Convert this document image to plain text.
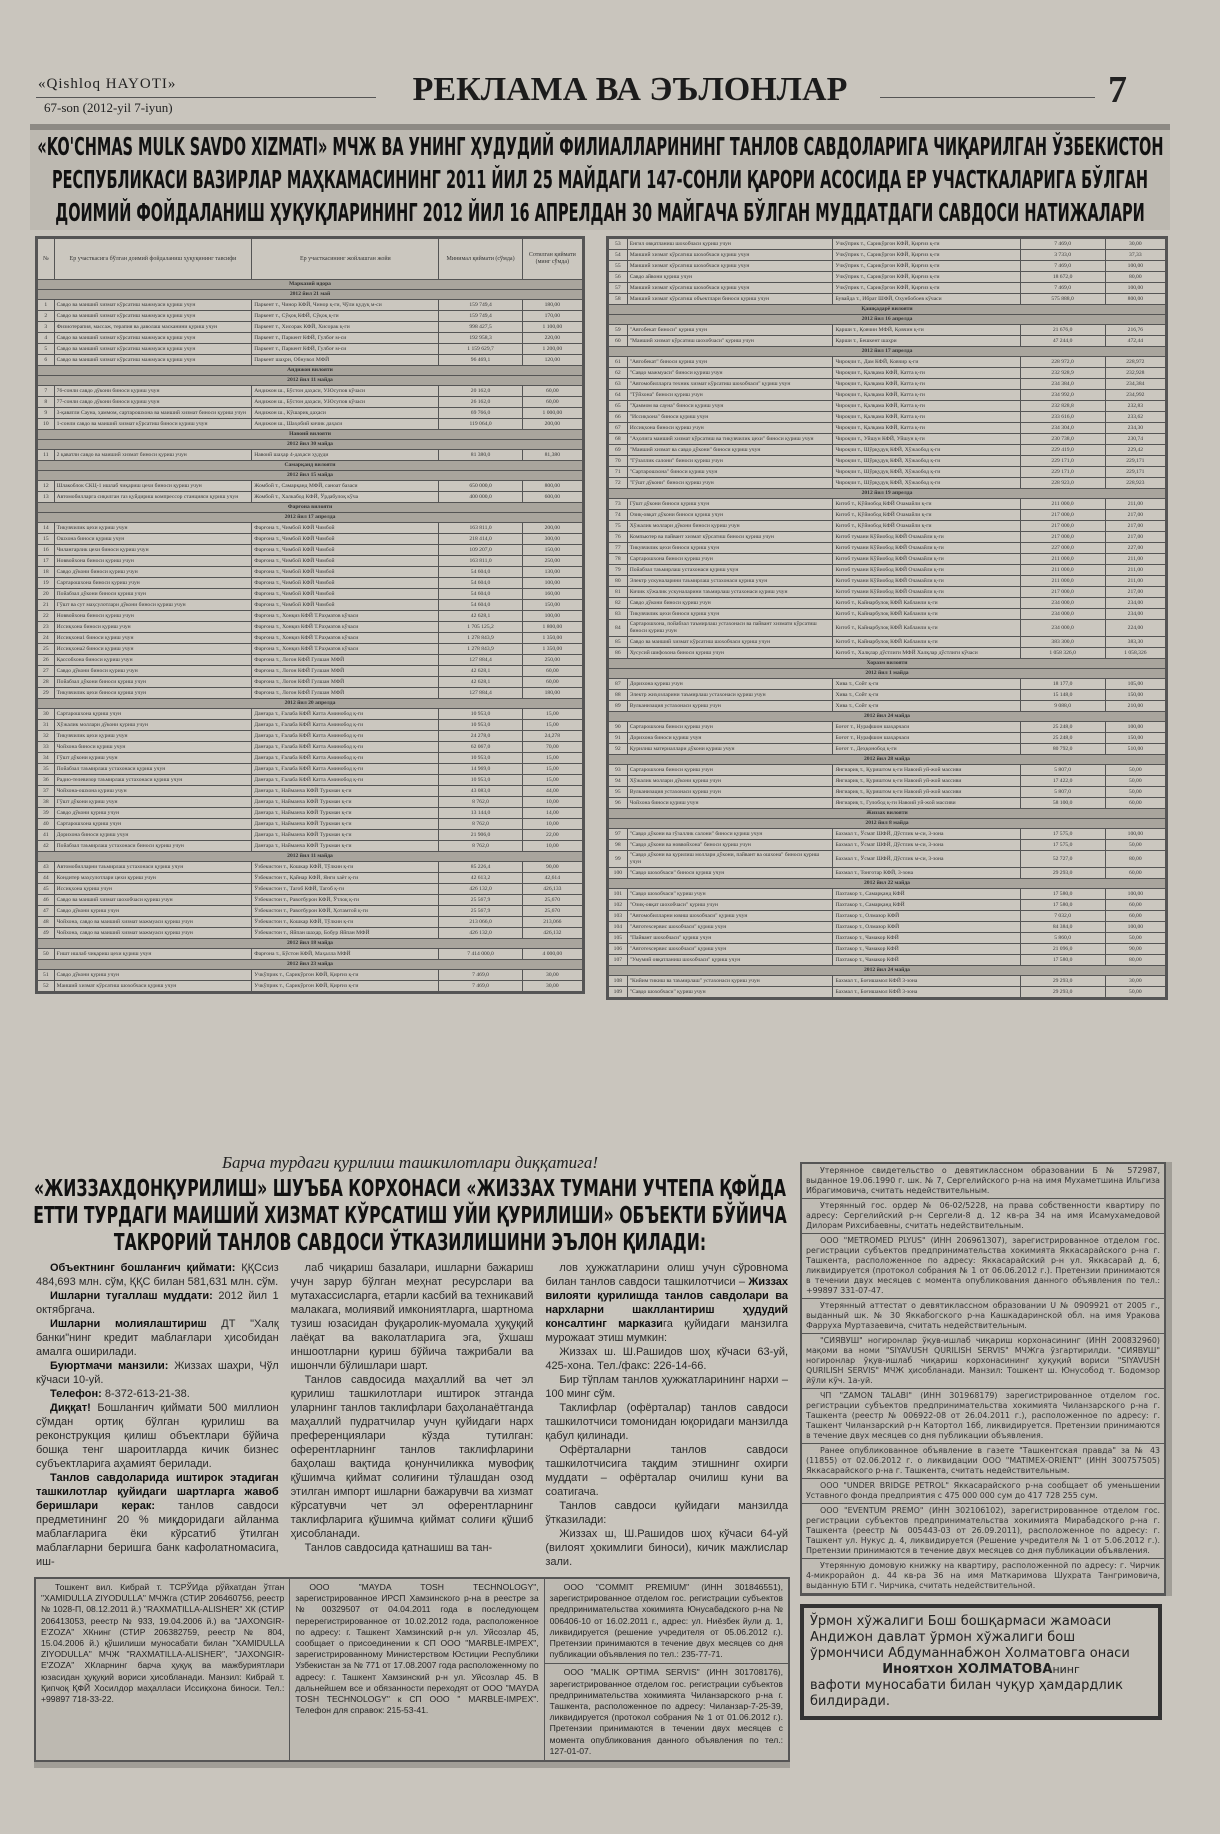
«Qishloq HAYOTI»
67-son (2012-yil 7-iyun)	РЕКЛАМА ВА ЭЪЛОНЛАР	7
«KO'CHMAS MULK SAVDO XIZMATI» МЧЖ ВА УНИНГ ҲУДУДИЙ ФИЛИАЛЛАРИНИНГ ТАНЛОВ САВДОЛАРИГА ЧИҚАРИЛГАН ЎЗБЕКИСТОН
РЕСПУБЛИКАСИ ВАЗИРЛАР МАҲКАМАСИНИНГ 2011 ЙИЛ 25 МАЙДАГИ 147-СОНЛИ ҚАРОРИ АСОСИДА ЕР УЧАСТКАЛАРИГА БЎЛГАН
ДОИМИЙ ФОЙДАЛАНИШ ҲУҚУҚЛАРИНИНГ 2012 ЙИЛ 16 АПРЕЛДАН 30 МАЙГАЧА БЎЛГАН МУДДАТДАГИ САВДОСИ НАТИЖАЛАРИ
№	Ер участкасига бўлган доимий фойдаланиш ҳуқуқининг тавсифи	Ер участкасининг жойлашган жойи	Минимал қиймати (сўмда)	Сотилган қиймати (минг сўмда)
Марказий идора				
2012 йил 21 май				
1	Савдо ва маиший хизмат кўрсатиш мажмуаси қуриш учун	Паркент т., Чинор КФЙ, Чинор қ-ги, Чўли қудуқ м-си	159 749,4	180,00
2	Савдо ва маиший хизмат кўрсатиш мажмуаси қуриш учун	Паркент т., Сўқоқ КФЙ, Сўқоқ қ-ги	159 749,4	170,00
3	Физиотерапия, массаж, терапия ва даволаш масканини қуриш учун	Паркент т., Хисорак КФЙ, Хисорак қ-ги	998 427,5	1 100,00
4	Савдо ва маиший хизмат кўрсатиш мажмуаси қуриш учун	Паркент т., Паркент КФЙ, Гулбоғ м-си	192 958,3	220,00
5	Савдо ва маиший хизмат кўрсатиш мажмуаси қуриш учун	Паркент т., Паркент КФЙ, Гулбоғ м-си	1 159 629,7	1 200,00
6	Савдо ва маиший хизмат кўрсатиш мажмуаси қуриш учун	Паркент шаҳри, Обнувол МФЙ	96 469,1	120,00
Андижон вилояти				
2012 йил 11 майда				
7	76-сонли савдо дўкони биноси қуриш учун	Андижон ш., Бўстон даҳаси, У.Юсупов кўчаси	20 162,0	60,00
8	77-сонли савдо дўкони биноси қуриш учун	Андижон ш., Бўстон даҳаси, У.Юсупов кўчаси	26 162,0	60,00
9	3-қаватли Сауна, ҳаммом, сартарошхона ва маиший хизмат биноси қуриш учун	Андижон ш., Кўшариқ даҳаси	69 766,0	1 000,00
10	1-сонли савдо ва маиший хизмат кўрсатиш биноси қуриш учун	Андижон ш., Шаҳобий кичик даҳаси	119 064,0	200,00
Навоий вилояти				
2012 йил 30 майда				
11	2 қаватли савдо ва маиший хизмат биноси қуриш учун	Навоий шаҳар 4-даҳаси ҳудуди	81 380,0	81,380
Самарқанд вилояти				
2012 йил 15 майда				
12	Шлакоблок СКЦ-1 ишлаб чиқариш цехи биноси қуриш учун	Жомбой т., Самарқанд МФЙ, саноат базаси	650 000,0	800,00
13	Автомобилларга сиқилган газ қуйдириш компрессор станцияси қуриш учун	Жомбой т., Халкабод КФЙ, Ўрдабулоқ кўча	400 000,0	600,00
Фарғона вилояти				
2012 йил 17 апрелда				
14	Тикувчилик цехи қуриш учун	Фарғона т., Чимбой КФЙ Чимбой	163 811,0	200,00
15	Ошхона биноси қуриш учун	Фарғона т., Чимбой КФЙ Чимбой	218 414,0	300,00
16	Чилангарлик цехи биноси қуриш учун	Фарғона т., Чимбой КФЙ Чимбой	109 207,0	150,00
17	Новвойхона биноси қуриш учун	Фарғона т., Чимбой КФЙ Чимбой	163 811,0	250,00
18	Савдо дўкони биноси қуриш учун	Фарғона т., Чимбой КФЙ Чимбой	54 604,0	130,00
19	Сартарошхона биноси қуриш учун	Фарғона т., Чимбой КФЙ Чимбой	54 604,0	100,00
20	Пойабзал дўкони биноси қуриш учун	Фарғона т., Чимбой КФЙ Чимбой	54 604,0	160,00
21	Гўшт ва сут маҳсулотлари дўкони биноси қуриш учун	Фарғона т., Чимбой КФЙ Чимбой	54 604,0	150,00
22	Новвойхона биноси қуриш учун	Фарғона т., Хонқиз КФЙ Т.Раҳматов кўчаси	42 628,1	100,00
23	Иссиқхона биноси қуриш учун	Фарғона т., Хонқиз КФЙ Т.Раҳматов кўчаси	1 705 125,2	1 800,00
24	Иссиқхона1 биноси қуриш учун	Фарғона т., Хонқиз КФЙ Т.Раҳматов кўчаси	1 278 843,9	1 350,00
25	Иссиқхона2 биноси қуриш учун	Фарғона т., Хонқиз КФЙ Т.Раҳматов кўчаси	1 278 843,9	1 350,00
26	Қассобхона биноси қуриш учун	Фарғона т., Логон КФЙ Гулшан МФЙ	127 884,4	250,00
27	Савдо дўкони биноси қуриш учун	Фарғона т., Логон КФЙ Гулшан МФЙ	42 628,1	60,00
28	Пойабзал дўкони биноси қуриш учун	Фарғона т., Логон КФЙ Гулшан МФЙ	42 628,1	60,00
29	Тикувчилик цехи биноси қуриш учун	Фарғона т., Логон КФЙ Гулшан МФЙ	127 884,4	180,00
2012 йил 20 апрелда				
30	Сартарошхона қуриш учун	Данғара т., Ғалаба КФЙ Катта Аминобод қ-ги	10 953,0	15,00
31	Хўжалик моллари дўкони қуриш учун	Данғара т., Ғалаба КФЙ Катта Аминобод қ-ги	10 953,0	15,00
32	Тикувчилик цехи қуриш учун	Данғара т., Ғалаба КФЙ Катта Аминобод қ-ги	24 278,0	24,278
33	Чойхона биноси қуриш учун	Данғара т., Ғалаба КФЙ Катта Аминобод қ-ги	62 067,0	70,00
34	Гўшт дўкони қуриш учун	Данғара т., Ғалаба КФЙ Катта Аминобод қ-ги	10 953,0	15,00
35	Пойабзал таъмирлаш устахонаси қуриш учун	Данғара т., Ғалаба КФЙ Катта Аминобод қ-ги	14 969,0	15,00
36	Радио-телевизор таъмирлаш устахонаси қуриш учун	Данғара т., Ғалаба КФЙ Катта Аминобод қ-ги	10 953,0	15,00
37	Чойхона-ошхона қуриш учун	Данғара т., Найманча КФЙ Туркман қ-ги	43 083,0	44,00
38	Гўшт дўкони қуриш учун	Данғара т., Найманча КФЙ Туркман қ-ги	8 762,0	10,00
39	Савдо дўкони қуриш учун	Данғара т., Найманча КФЙ Туркман қ-ги	13 144,0	14,00
40	Сартарошхона қуриш учун	Данғара т., Найманча КФЙ Туркман қ-ги	8 762,0	10,00
41	Дорихона биноси қуриш учун	Данғара т., Найманча КФЙ Туркман қ-ги	21 906,0	22,00
42	Пойабзал таъмирлаш устахонаси биноси қуриш учун	Данғара т., Найманча КФЙ Туркман қ-ги	8 762,0	10,00
2012 йил 11 майда				
43	Автомобилларни таъмирлаш устахонаси қуриш учун	Ўзбекистон т., Кошкар КФЙ, Тўлкин қ-ги	85 226,4	90,00
44	Кондитер маҳсулотлари цехи қуриш учун	Ўзбекистон т., Қайнар КФЙ, Янги хаёт қ-ги	42 613,2	42,614
45	Иссиқхона қуриш учун	Ўзбекистон т., Тагоб КФЙ, Тагоб қ-ги	426 132,0	426,133
46	Савдо ва маиший хизмат шохобчаси қуриш учун	Ўзбекистон т., Равотбурон КФЙ, Ўтлоқ қ-ги	25 567,9	25,670
47	Савдо дўкони қуриш учун	Ўзбекистон т., Равотбурон КФЙ, Ҳотамтой қ-ги	25 567,9	25,670
48	Чойхона, савдо ва маиший хизмат мажмуаси қуриш учун	Ўзбекистон т., Кошкар КФЙ, Тўлкин қ-ги	213 066,0	213,066
49	Чойхона, савдо ва маиший хизмат мажмуаси қуриш учун	Ўзбекистон т., Яйпан шаҳар, Бобур Яйпан МФЙ	426 132,0	426,132
2012 йил 18 майда				
50	Ғишт ишлаб чиқариш цехи қуриш учун	Фарғона т., Бўстон КФЙ, Маҳалла МФЙ	7 414 000,0	4 000,00
2012 йил 23 майда				
51	Савдо дўкони қуриш учун	Учкўприк т., Сарикўргон КФЙ, Қирғиз қ-ги	7 469,0	30,00
52	Маиший хизмат кўрсатиш шохобчаси қуриш учун	Учкўприк т., Сарикўргон КФЙ, Қирғиз қ-ги	7 469,0	30,00
53	Енгил овқатланиш шохобчаси қуриш учун	Учкўприк т., Сарикўргон КФЙ, Қирғиз қ-ги	7 469,0	30,00
54	Маиший хизмат кўрсатиш шохобчаси қуриш учун	Учкўприк т., Сарикўргон КФЙ, Қирғиз қ-ги	3 733,0	37,33
55	Маиший хизмат кўрсатиш шохобчаси қуриш учун	Учкўприк т., Сарикўргон КФЙ, Қирғиз қ-ги	7 469,0	100,00
56	Савдо айвони қуриш учун	Учкўприк т., Сарикўргон КФЙ, Қирғиз қ-ги	18 672,0	80,00
57	Маиший хизмат кўрсатиш шохобчаси қуриш учун	Учкўприк т., Сарикўргон КФЙ, Қирғиз қ-ги	7 469,0	100,00
58	Маиший хизмат кўрсатиш объектлари биноси қуриш учун	Бувайда т., Ибрат ШФЙ, Охунбобоев кўчаси	575 888,0	800,00
Қашқадарё вилояти				
2012 йил 16 апрелда				
59	"Автобекат биноси" қуриш учун	Қарши т., Қовчин МФЙ, Қовчин қ-ги	21 676,0	216,76
60	"Маиший хизмат кўрсатиш шохобчаси" қуриш учун	Қарши т., Бешкент шаҳри	47 244,0	472,44
2012 йил 17 апрелда				
61	"Автобекат" биноси қуриш учун	Чироқчи т., Дам КФЙ, Ковчир қ-ги	228 972,0	228,972
62	"Савдо мажмуаси" биноси қуриш учун	Чироқчи т., Қалқама КФЙ, Катта қ-ги	232 928,9	232,928
63	"Автомобилларга техник хизмат кўрсатиш шохобчаси" қуриш учун	Чироқчи т., Қалқама КФЙ, Катта қ-ги	234 384,0	234,384
64	"Тўйхона" биноси қуриш учун	Чироқчи т., Қалқама КФЙ, Катта қ-ги	234 992,0	234,992
65	"Ҳаммом ва сауна" биноси қуриш учун	Чироқчи т., Қалқама КФЙ, Катта қ-ги	232 828,8	232,83
66	"Иссиқхона" биноси қуриш учун	Чироқчи т., Қалқама КФЙ, Катта қ-ги	233 616,0	233,62
67	Иссиқхона биноси қуриш учун	Чироқчи т., Қалқама КФЙ, Катта қ-ги	234 304,0	234,30
68	"Аҳолига маиший хизмат кўрсатиш ва тикувчилик цехи" биноси қуриш учун	Чироқчи т., Уйшун КФЙ, Уйшун қ-ги	230 738,0	230,74
69	"Маиший хизмат ва савдо дўкони" биноси қуриш учун	Чироқчи т., Шўрқудуқ КФЙ, Хўжаобод қ-ги	229 419,0	229,42
70	"Гўзаллик салони" биноси қуриш учун	Чироқчи т., Шўрқудуқ КФЙ, Хўжаобод қ-ги	229 171,0	229,171
71	"Сартарошхона" биноси қуриш учун	Чироқчи т., Шўрқудуқ КФЙ, Хўжаобод қ-ги	229 171,0	229,171
72	"Гўшт дўкони" биноси қуриш учун	Чироқчи т., Шўрқудуқ КФЙ, Хўжаобод қ-ги	228 923,0	228,923
2012 йил 19 апрелда				
73	Гўшт дўкони биноси қуриш учун	Китоб т., Кўйиобод КФЙ Очамайли қ-ги	211 000,0	211,00
74	Озиқ-овқат дўкони биноси қуриш учун	Китоб т., Кўйиобод КФЙ Очамайли қ-ги	217 000,0	217,00
75	Хўжалик моллари дўкони биноси қуриш учун	Китоб т., Кўйиобод КФЙ Очамайли қ-ги	217 000,0	217,00
76	Компьютер ва пайвант хизмат кўрсатиш биноси қуриш учун	Китоб тумани Кўйиобод КФЙ Очамайли қ-ги	217 000,0	217,00
77	Тикувчилик цехи биноси қуриш учун	Китоб тумани Кўйиобод КФЙ Очамайли қ-ги	227 000,0	227,00
78	Сартарошхона биноси қуриш учун	Китоб тумани Кўйиобод КФЙ Очамайли қ-ги	211 000,0	211,00
79	Пойабзал таъмирлаш устахонаси қуриш учун	Китоб тумани Кўйиобод КФЙ Очамайли қ-ги	211 000,0	211,00
80	Электр ускуналарини таъмирлаш устахонаси қуриш учун	Китоб тумани Кўйиобод КФЙ Очамайли қ-ги	211 000,0	211,00
81	Кичик хўжалик ускуналарини таъмирлаш устахонаси қуриш учун	Китоб тумани Кўйиобод КФЙ Очамайли қ-ги	217 000,0	217,00
82	Савдо дўкони биноси қуриш учун	Китоб т., Кайнарбулоқ КФЙ Кабланли қ-ги	234 000,0	234,00
83	Тикувчилик цехи биноси қуриш учун	Китоб т., Кайнарбулоқ КФЙ Кабланли қ-ги	234 000,0	234,00
84	Сартарошхона, пойабзал таъмирлаш устахонаси ва пайвант хизмати кўрсатиш биноси қуриш учун	Китоб т., Кайнарбулоқ КФЙ Кабланли қ-ги	234 000,0	224,00
85	Савдо ва маиший хизмат кўрсатиш шохобчаси қуриш учун	Китоб т., Кайнарбулоқ КФЙ Кабланли қ-ги	383 300,0	383,30
86	Хусусий шифохона биноси қуриш учун	Китоб т., Халқлар дўстлиги МФЙ Халқлар дўстлиги кўчаси	1 058 326,0	1 058,326
Хоразм вилояти				
2012 йил 1 майда				
87	Дорихона қуриш учун	Хива т., Сойт қ-ги	18 177,0	105,00
88	Электр жиҳозларини таъмирлаш устахонаси қуриш учун	Хива т., Сойт қ-ги	15 148,0	150,00
89	Вулканизация устахонаси қуриш учун	Хива т., Сойт қ-ги	9 088,0	210,00
2012 йил 24 майда				
90	Сартарошхона биноси қуриш учун	Боғот т., Нурафшон шаҳарчаси	25 248,0	100,00
91	Дорихона биноси қуриш учун	Боғот т., Нурафшон шаҳарчаси	25 248,0	150,00
92	Қурилиш материаллари дўкони қуриш учун	Боғот т., Деҳқонобод қ-ги	80 792,0	510,00
2012 йил 28 майда				
93	Сартарошхона биноси қуриш учун	Янгиариқ т., Қуриштом қ-ги Навоий уй-жой массиви	5 807,0	50,00
94	Хўжалик моллари дўкони қуриш учун	Янгиариқ т., Қуриштом қ-ги Навоий уй-жой массиви	17 422,0	50,00
95	Вулканизация устахонаси қуриш учун	Янгиариқ т., Қуриштом қ-ги Навоий уй-жой массиви	5 807,0	50,00
96	Чойхона биноси қуриш учун	Янгиариқ т., Гулобод қ-ги Навоий уй-жой массиви	58 100,0	60,00
Жиззах вилояти				
2012 йил 8 майда				
97	"Савдо дўкони ва гўзаллик салони" биноси қуриш учун	Бахмал т., Ўсмат ШФЙ, Дўстлик м-си, 3-зона	17 575,0	100,00
98	"Савдо дўкони ва новвойхона" биноси қуриш учун	Бахмал т., Ўсмат ШФЙ, Дўстлик м-си, 3-зона	17 575,0	50,00
99	"Савдо дўкони ва қурилиш моллари дўкони, пайвант ва ошхона" биноси қуриш учун	Бахмал т., Ўсмат ШФЙ, Дўстлик м-си, 3-зона	52 727,0	80,00
100	"Савдо шохобчаси" биноси қуриш учун	Бахмал т., Тонготар КФЙ, 3-зона	29 293,0	60,00
2012 йил 22 майда				
101	"Савдо шохобчаси" қуриш учун	Пахтакор т., Самарқанд КФЙ	17 580,0	100,00
102	"Озиқ-овқат шохобчаси" қуриш учун	Пахтакор т., Самарқанд КФЙ	17 580,0	60,00
103	"Автомобилларни ювиш шохобчаси" қуриш учун	Пахтакор т., Олмазор КФЙ	7 032,0	60,00
104	"Автотехсервис шохобчаси" қуриш учун	Пахтакор т., Олмазор КФЙ	84 384,0	100,00
105	"Пайвант шохобчаси" қуриш учун	Пахтакор т., Чамакор КФЙ	5 860,0	50,00
106	"Автотехсервис шохобчаси" қуриш учун	Пахтакор т., Чамакор КФЙ	21 096,0	90,00
107	"Умумий овқатланиш шохобчаси" қуриш учун	Пахтакор т., Чамакор КФЙ	17 580,0	80,00
2012 йил 24 майда				
108	"Кийим тикиш ва таъмирлаш" устахонаси қуриш учун	Бахмал т., Боғишамол КФЙ 3-зона	29 293,0	30,00
109	"Савдо шохобчаси" қуриш учун	Бахмал т., Боғишамол КФЙ 3-зона	29 293,0	50,00
Барча турдаги қурилиш ташкилотлари диққатига!
«ЖИЗЗАХДОНҚУРИЛИШ» ШУЪБА КОРХОНАСИ «ЖИЗЗАХ ТУМАНИ УЧТЕПА ҚФЙДА
ЕТТИ ТУРДАГИ МАИШИЙ ХИЗМАТ КЎРСАТИШ УЙИ ҚУРИЛИШИ» ОБЪЕКТИ БЎЙИЧА
ТАКРОРИЙ ТАНЛОВ САВДОСИ ЎТКАЗИЛИШИНИ ЭЪЛОН ҚИЛАДИ:

Объектнинг бошланғич қиймати: ҚҚСсиз 484,693 млн. сўм, ҚҚС билан 581,631 млн. сўм.

Ишларни тугаллаш муддати: 2012 йил 1 октябргача.

Ишларни молиялаштириш ДТ "Халқ банки"нинг кредит маблағлари ҳисобидан амалга оширилади.

Буюртмачи манзили: Жиззах шаҳри, Чўл кўчаси 10-уй.

Телефон: 8-372-613-21-38.

Диққат! Бошланғич қиймати 500 миллион сўмдан ортиқ бўлган қурилиш ва реконструкция қилиш объектлари бўйича бошқа тенг шароитларда кичик бизнес субъектларига аҳамият берилади.

Танлов савдоларида иштирок этадиган ташкилотлар қуйидаги шартларга жавоб беришлари керак: танлов савдоси предметининг 20 % миқдоридаги айланма маблағларига ёки кўрсатиб ўтилган маблағларни беришга банк кафолатномасига, иш-

лаб чиқариш базалари, ишларни бажариш учун зарур бўлган меҳнат ресурслари ва мутахассисларга, етарли касбий ва техникавий малакага, молиявий имкониятларга, шартнома тузиш юзасидан фуқаролик-муомала ҳуқуқий лаёқат ва ваколатларига эга, ўхшаш иншоотларни қуриш бўйича тажрибали ва ишончли бўлишлари шарт.

Танлов савдосида маҳаллий ва чет эл қурилиш ташкилотлари иштирок этганда уларнинг танлов таклифлари баҳоланаётганда маҳаллий пудратчилар учун қуйидаги нарх преференциялари кўзда тутилган: оферентларнинг танлов таклифларини баҳолаш вақтида қонунчиликка мувофиқ қўшимча қиймат солиғини тўлашдан озод этилган импорт ишларни бажарувчи ва хизмат кўрсатувчи чет эл оферентларнинг таклифларига қўшимча қиймат солиғи қўшиб ҳисобланади.

Танлов савдосида қатнашиш ва тан-

лов ҳужжатларини олиш учун сўровнома билан танлов савдоси ташкилотчиси – Жиззах вилояти қурилишда танлов савдолари ва нархларни шакллантириш ҳудудий консалтинг марказига қуйидаги манзилга мурожаат этиш мумкин:

Жиззах ш. Ш.Рашидов шоҳ кўчаси 63-уй, 425-хона. Тел./факс: 226-14-66.

Бир тўплам танлов ҳужжатларининг нархи – 100 минг сўм.

Таклифлар (офёрталар) танлов савдоси ташкилотчиси томонидан юқоридаги манзилда қабул қилинади.

Офёрталарни танлов савдоси ташкилотчисига тақдим этишнинг охирги муддати – офёрталар очилиш куни ва соатигача.

Танлов савдоси қуйидаги манзилда ўтказилади:

Жиззах ш, Ш.Рашидов шоҳ кўчаси 64-уй (вилоят ҳокимлиги биноси), кичик мажлислар зали.

Тошкент вил. Кибрай т. ТСРЎИда рўйхатдан ўтган "XAMIDULLA ZIYODULLA" МЧЖга (СТИР 206460756, реестр № 1028-П, 08.12.2011 й.) "RAXMATILLA-ALISHER" ХК (СТИР 206413053, реестр № 933, 19.04.2006 й.) ва "JAXONGIR-E'ZOZA" ХКнинг (СТИР 206382759, реестр № 804, 15.04.2006 й.) қўшилиши муносабати билан "XAMIDULLA ZIYODULLA" МЧЖ "RAXMATILLA-ALISHER", "JAXONGIR-E'ZOZA" ХКларнинг барча ҳуқуқ ва мажбуриятлари юзасидан ҳуқуқий вориси ҳисобланади. Манзил: Кибрай т. Қипчоқ ҚФЙ Хосилдор маҳалласи Иссиқхона биноси. Тел.: +99897 718-33-22.
ООО "MAYDA TOSH TECHNOLOGY", зарегистрированное ИРСП Хамзинского р-на в реестре за № 00329507 от 04.04.2011 года в последующем перерегистрированное от 10.02.2012 года, расположенное по адресу: г. Ташкент Хамзинский р-н ул. Уйсозлар 45, сообщает о присоединении к СП ООО "MARBLE-IMPEX", зарегистрированному Министерством Юстиции Республики Узбекистан за № 771 от 17.08.2007 года расположенному по адресу: г. Ташкент Хамзинский р-н ул. Уйсозлар 45. В дальнейшем все и обязанности переходят от ООО "MAYDA TOSH TECHNOLOGY" к СП ООО " MARBLE-IMPEX". Телефон для справок: 215-53-41.
ООО "COMMIT PREMIUM" (ИНН 301846551), зарегистрированное отделом гос. регистрации субъектов предпринимательства хокимията Юнусабадского р-на № 006406-10 от 16.02.2011 г., адрес: ул. Ниёзбек йули д. 1, ликвидируется (решение учредителя от 05.06.2012 г.). Претензии принимаются в течение двух месяцев со дня публикации объявления по тел.: 235-77-71.
ООО "MALIK OPTIMA SERVIS" (ИНН 301708176), зарегистрированное отделом гос. регистрации субъектов предпринимательства хокимията Чиланзарского р-на г. Ташкента, расположенное по адресу: Чиланзар-7-25-39, ликвидируется (протокол собрания № 1 от 01.06.2012 г.). Претензии принимаются в течении двух месяцев с момента опубликования данного объявления по тел.: 127-01-07.
Утерянное свидетельство о девятиклассном образовании Б № 572987, выданное 19.06.1990 г. шк. № 7, Сергелийского р-на на имя Мухаметшина Ильгиза Ибрагимовича, считать недействительным.
Утерянный гос. ордер № 06-02/5228, на права собственности квартиру по адресу: Сергелийский р-н Сергели-8 д. 12 кв-ра 34 на имя Исамухамедовой Дилорам Рихсибаевны, считать недействительным.
ООО "METROMED PLYUS" (ИНН 206961307), зарегистрированное отделом гос. регистрации субъектов предпринимательства хокимията Яккасарайского р-на г. Ташкента, расположенное по адресу: Яккасарайский р-н ул. Яккасарай д. 6, ликвидируется (протокол собрания № 1 от 06.06.2012 г.). Претензии принимаются в течении двух месяцев с момента опубликования данного объявления по тел.: +99897 331-07-47.
Утерянный аттестат о девятиклассном образовании U № 0909921 от 2005 г., выданный шк. № 30 Яккабогского р-на Кашкадаринской обл. на имя Уракова Фарруха Муртазаевича, считать недействительным.
"СИЯВУШ" ногиронлар ўқув-ишлаб чиқариш корхонасининг (ИНН 200832960) мақоми ва номи "SIYAVUSH QURILISH SERVIS" МЧЖга ўзгартирилди. "СИЯВУШ" ногиронлар ўқув-ишлаб чиқариш корхонасининг ҳуқуқий вориси "SIYAVUSH QURILISH SERVIS" МЧЖ ҳисобланади. Манзил: Тошкент ш. Юнусобод т. Бодомзор йўли кўч. 1а-уй.
ЧП "ZAMON TALABI" (ИНН 301968179) зарегистрированное отделом гос. регистрации субъектов предпринимательства хокимията Чиланзарского р-на г. Ташкента (реестр № 006922-08 от 26.04.2011 г.), расположенное по адресу: г. Ташкент Чиланзарский р-н Катортол 16б, ликвидируется. Претензии принимаются в течение двух месяцев со дня публикации объявления.
Ранее опубликованное объявление в газете "Ташкентская правда" за № 43 (11855) от 02.06.2012 г. о ликвидации ООО "MATIMEX-ORIENT" (ИНН 300757505) Яккасарайского р-на г. Ташкента, считать недействительным.
ООО "UNDER BRIDGE PETROL" Яккасарайского р-на сообщает об уменьшении Уставного фонда предприятия с 475 000 000 сум до 417 728 255 сум.
ООО "EVENTUM PREMO" (ИНН 302106102), зарегистрированное отделом гос. регистрации субъектов предпринимательства хокимията Мирабадского р-на г. Ташкента (реестр № 005443-03 от 26.09.2011), расположенное по адресу: г. Ташкент ул. Нукус д. 4, ликвидируется (Решение учредителя № 1 от 5.06.2012 г.). Претензии принимаются в течение двух месяцев со дня публикации объявления.
Утерянную домовую книжку на квартиру, расположенной по адресу: г. Чирчик 4-микрорайон д. 44 кв-ра 36 на имя Маткаримова Шухрата Тангримовича, выданную БТИ г. Чирчика, считать недействительной.
Ўрмон хўжалиги Бош бошқармаси жамоаси Андижон давлат ўрмон хўжалиги бош ўрмончиси Абдуманнабжон Холматовга онаси
Иноятхон ХОЛМАТОВАнинг
вафоти муносабати билан чуқур ҳамдардлик билдиради.
